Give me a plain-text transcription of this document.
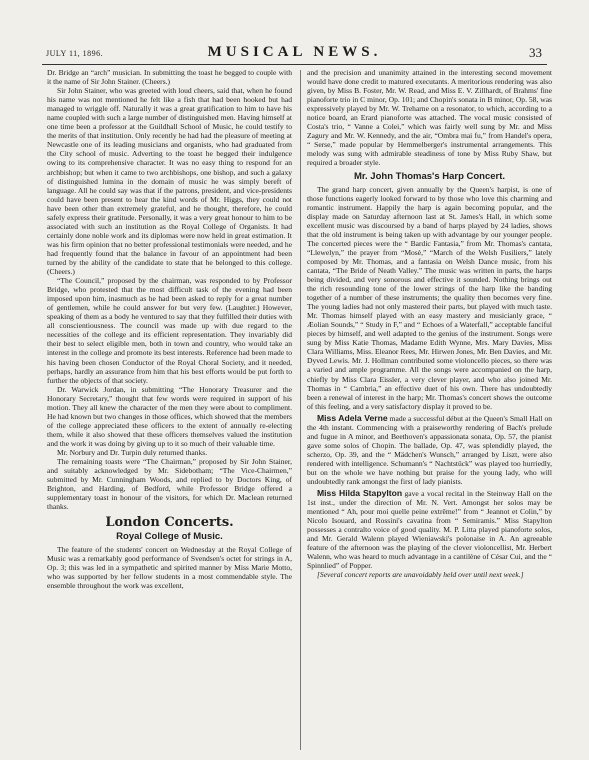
JULY 11, 1896.	MUSICAL NEWS.	33

Dr. Bridge an “arch” musician. In submitting the toast he begged to couple with it the name of Sir John Stainer. (Cheers.)

Sir John Stainer, who was greeted with loud cheers, said that, when he found his name was not mentioned he felt like a fish that had been hooked but had managed to wriggle off. Naturally it was a great gratification to him to have his name coupled with such a large number of distinguished men. Having himself at one time been a professor at the Guildhall School of Music, he could testify to the merits of that institution. Only recently he had had the pleasure of meeting at Newcastle one of its leading musicians and organists, who had graduated from the City school of music. Adverting to the toast he begged their indulgence owing to its comprehensive character. It was no easy thing to respond for an archbishop; but when it came to two archbishops, one bishop, and such a galaxy of distinguished lumina in the domain of music he was simply bereft of language. All he could say was that if the patrons, president, and vice-presidents could have been present to hear the kind words of Mr. Higgs, they could not have been other than extremely grateful, and he thought, therefore, he could safely express their gratitude. Personally, it was a very great honour to him to be associated with such an institution as the Royal College of Organists. It had certainly done noble work and its diplomas were now held in great estimation. It was his firm opinion that no better professional testimonials were needed, and he had frequently found that the balance in favour of an appointment had been turned by the ability of the candidate to state that he belonged to this college. (Cheers.)

“The Council,” proposed by the chairman, was responded to by Professor Bridge, who protested that the most difficult task of the evening had been imposed upon him, inasmuch as he had been asked to reply for a great number of gentlemen, while he could answer for but very few. (Laughter.) However, speaking of them as a body he ventured to say that they fulfilled their duties with all conscientiousness. The council was made up with due regard to the necessities of the college and its efficient representation. They invariably did their best to select eligible men, both in town and country, who would take an interest in the college and promote its best interests. Reference had been made to his having been chosen Conductor of the Royal Choral Society, and it needed, perhaps, hardly an assurance from him that his best efforts would be put forth to further the objects of that society.

Dr. Warwick Jordan, in submitting “The Honorary Treasurer and the Honorary Secretary,” thought that few words were required in support of his motion. They all knew the character of the men they were about to compliment. He had known but two changes in those offices, which showed that the members of the college appreciated these officers to the extent of annually re-electing them, while it also showed that these officers themselves valued the institution and the work it was doing by giving up to it so much of their valuable time.

Mr. Norbury and Dr. Turpin duly returned thanks.

The remaining toasts were “The Chairman,” proposed by Sir John Stainer, and suitably acknowledged by Mr. Sidebotham; “The Vice-Chairmen,” submitted by Mr. Cunningham Woods, and replied to by Doctors King, of Brighton, and Harding, of Bedford, while Professor Bridge offered a supplementary toast in honour of the visitors, for which Dr. Maclean returned thanks.

London Concerts.
Royal College of Music.

The feature of the students' concert on Wednesday at the Royal College of Music was a remarkably good performance of Svendsen's octet for strings in A, Op. 3; this was led in a sympathetic and spirited manner by Miss Marie Motto, who was supported by her fellow students in a most commendable style. The ensemble throughout the work was excellent,

and the precision and unanimity attained in the interesting second movement would have done credit to matured executants. A meritorious rendering was also given, by Miss B. Foster, Mr. W. Read, and Miss E. V. Zillhardt, of Brahms' fine pianoforte trio in C minor, Op. 101; and Chopin's sonata in B minor, Op. 58, was expressively played by Mr. W. Treharne on a resonator, to which, according to a notice board, an Erard pianoforte was attached. The vocal music consisted of Costa's trio, “ Vanne a Colei,” which was fairly well sung by Mr. and Miss Zagury and Mr. W. Kennedy, and the air, “Ombra mai fu,” from Handel's opera, “ Serse,” made popular by Hemmelberger's instrumental arrangements. This melody was sung with admirable steadiness of tone by Miss Ruby Shaw, but required a broader style.

Mr. John Thomas's Harp Concert.

The grand harp concert, given annually by the Queen's harpist, is one of those functions eagerly looked forward to by those who love this charming and romantic instrument. Happily the harp is again becoming popular, and the display made on Saturday afternoon last at St. James's Hall, in which some excellent music was discoursed by a band of harps played by 24 ladies, shows that the old instrument is being taken up with advantage by our younger people. The concerted pieces were the “ Bardic Fantasia,” from Mr. Thomas's cantata, “Llewelyn,” the prayer from “Mosè,” “March of the Welsh Fusiliers,” lately composed by Mr. Thomas, and a fantasia on Welsh Dance music, from his cantata, “The Bride of Neath Valley.” The music was written in parts, the harps being divided, and very sonorous and effective it sounded. Nothing brings out the rich resounding tone of the lower strings of the harp like the banding together of a number of these instruments; the quality then becomes very fine. The young ladies had not only mastered their parts, but played with much taste. Mr. Thomas himself played with an easy mastery and musicianly grace, “ Æolian Sounds,” “ Study in F,” and “ Echoes of a Waterfall,” acceptable fanciful pieces by himself, and well adapted to the genius of the instrument. Songs were sung by Miss Katie Thomas, Madame Edith Wynne, Mrs. Mary Davies, Miss Clara Williams, Miss. Eleanor Rees, Mr. Hirwen Jones, Mr. Ben Davies, and Mr. Dyved Lewis. Mr. J. Hollman contributed some violoncello pieces, so there was a varied and ample programme. All the songs were accompanied on the harp, chiefly by Miss Clara Eissler, a very clever player, and who also joined Mr. Thomas in “ Cambria,” an effective duet of his own. There has undoubtedly been a renewal of interest in the harp; Mr. Thomas's concert shows the outcome of this feeling, and a very satisfactory display it proved to be.

Miss Adela Verne made a successful début at the Queen's Small Hall on the 4th instant. Commencing with a praiseworthy rendering of Bach's prelude and fugue in A minor, and Beethoven's appassionata sonata, Op. 57, the pianist gave some solos of Chopin. The ballade, Op. 47, was splendidly played, the scherzo, Op. 39, and the “ Mädchen's Wunsch,” arranged by Liszt, were also rendered with intelligence. Schumann's “ Nachtstück” was played too hurriedly, but on the whole we have nothing but praise for the young lady, who will undoubtedly rank amongst the first of lady pianists.

Miss Hilda Stapylton gave a vocal recital in the Steinway Hall on the 1st inst., under the direction of Mr. N. Vert. Amongst her solos may be mentioned “ Ah, pour moi quelle peine extrême!” from “ Jeannot et Colin,” by Nicolo Isouard, and Rossini's cavatina from “ Semiramis.” Miss Stapylton possesses a contralto voice of good quality. M. P. Litta played pianoforte solos, and Mr. Gerald Walenn played Wieniawski's polonaise in A. An agreeable feature of the afternoon was the playing of the clever violoncellist, Mr. Herbert Walenn, who was heard to much advantage in a cantilène of César Cui, and the “ Spinnlied” of Popper.

[Several concert reports are unavoidably held over until next week.]
